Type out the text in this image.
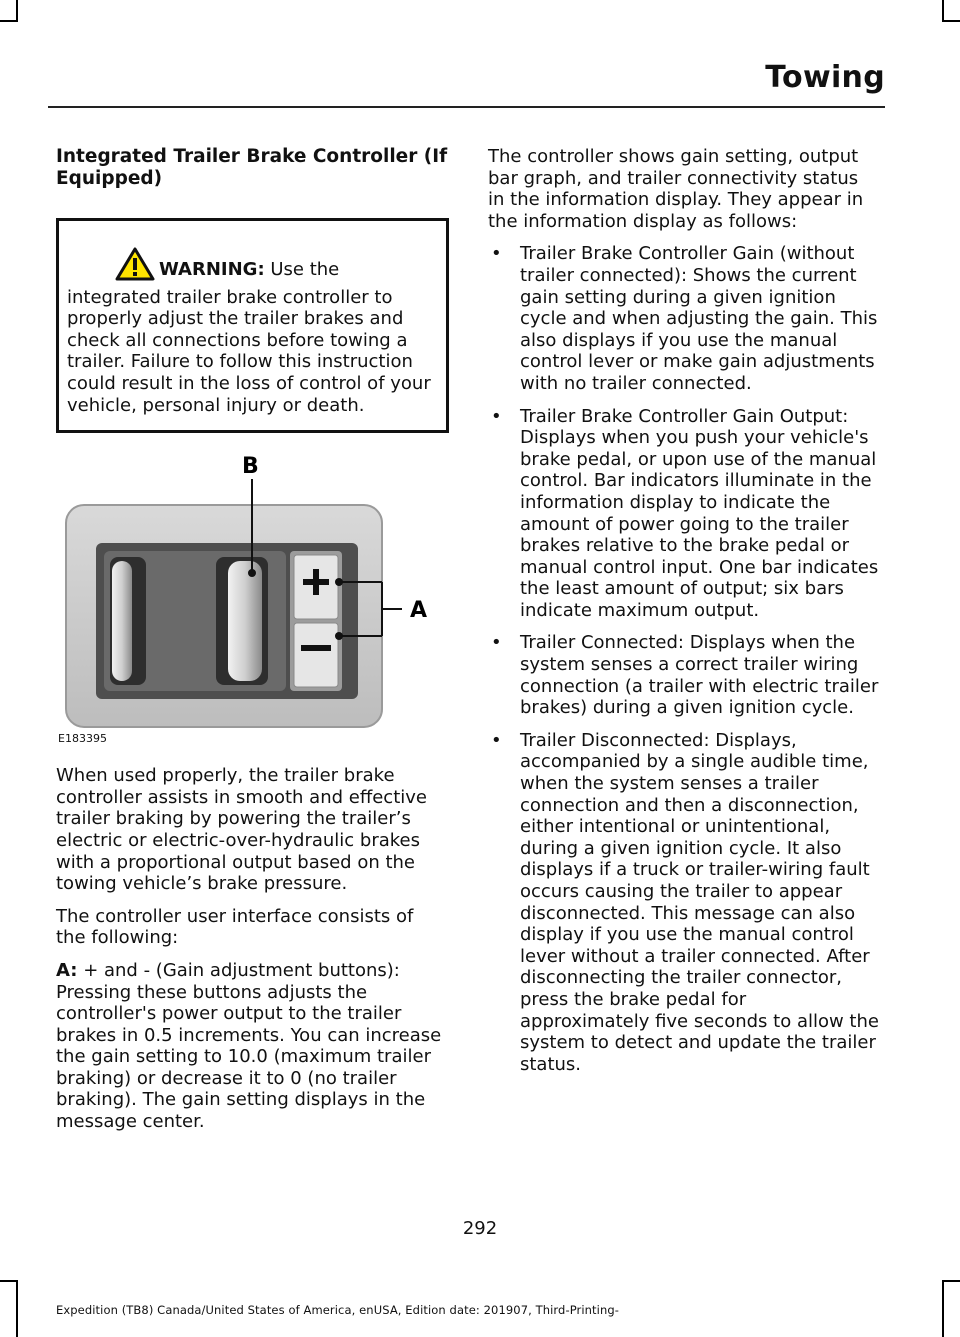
Towing
Integrated Trailer Brake Controller (If Equipped)
WARNING: Use the integrated trailer brake controller to properly adjust the trailer brakes and check all connections before towing a trailer. Failure to follow this instruction could result in the loss of control of your vehicle, personal injury or death.
B
A
E183395

When used properly, the trailer brake controller assists in smooth and effective trailer braking by powering the trailer’s electric or electric-over-hydraulic brakes with a proportional output based on the towing vehicle’s brake pressure.

The controller user interface consists of the following:

A: + and - (Gain adjustment buttons): Pressing these buttons adjusts the controller's power output to the trailer brakes in 0.5 increments. You can increase the gain setting to 10.0 (maximum trailer braking) or decrease it to 0 (no trailer braking). The gain setting displays in the message center.

The controller shows gain setting, output bar graph, and trailer connectivity status in the information display. They appear in the information display as follows:

• Trailer Brake Controller Gain (without trailer connected): Shows the current gain setting during a given ignition cycle and when adjusting the gain. This also displays if you use the manual control lever or make gain adjustments with no trailer connected.
• Trailer Brake Controller Gain Output: Displays when you push your vehicle's brake pedal, or upon use of the manual control. Bar indicators illuminate in the information display to indicate the amount of power going to the trailer brakes relative to the brake pedal or manual control input. One bar indicates the least amount of output; six bars indicate maximum output.
• Trailer Connected: Displays when the system senses a correct trailer wiring connection (a trailer with electric trailer brakes) during a given ignition cycle.
• Trailer Disconnected: Displays, accompanied by a single audible time, when the system senses a trailer connection and then a disconnection, either intentional or unintentional, during a given ignition cycle. It also displays if a truck or trailer-wiring fault occurs causing the trailer to appear disconnected. This message can also display if you use the manual control lever without a trailer connected. After disconnecting the trailer connector, press the brake pedal for approximately five seconds to allow the system to detect and update the trailer status.
292
Expedition (TB8) Canada/United States of America, enUSA, Edition date: 201907, Third-Printing-
